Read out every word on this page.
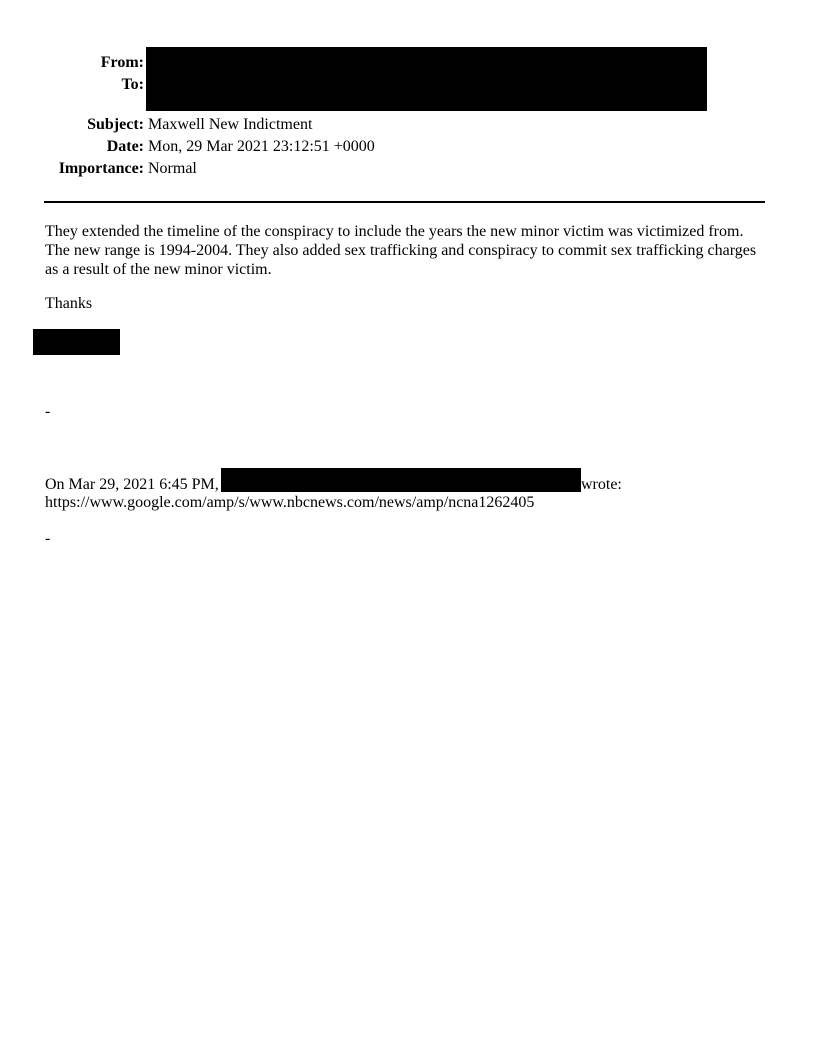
From:
To:
Subject: Maxwell New Indictment
Date: Mon, 29 Mar 2021 23:12:51 +0000
Importance: Normal

They extended the timeline of the conspiracy to include the years the new minor victim was victimized from. The new range is 1994-2004. They also added sex trafficking and conspiracy to commit sex trafficking charges as a result of the new minor victim.

Thanks
-
On Mar 29, 2021 6:45 PM,	wrote:
https://www.google.com/amp/s/www.nbcnews.com/news/amp/ncna1262405
-
